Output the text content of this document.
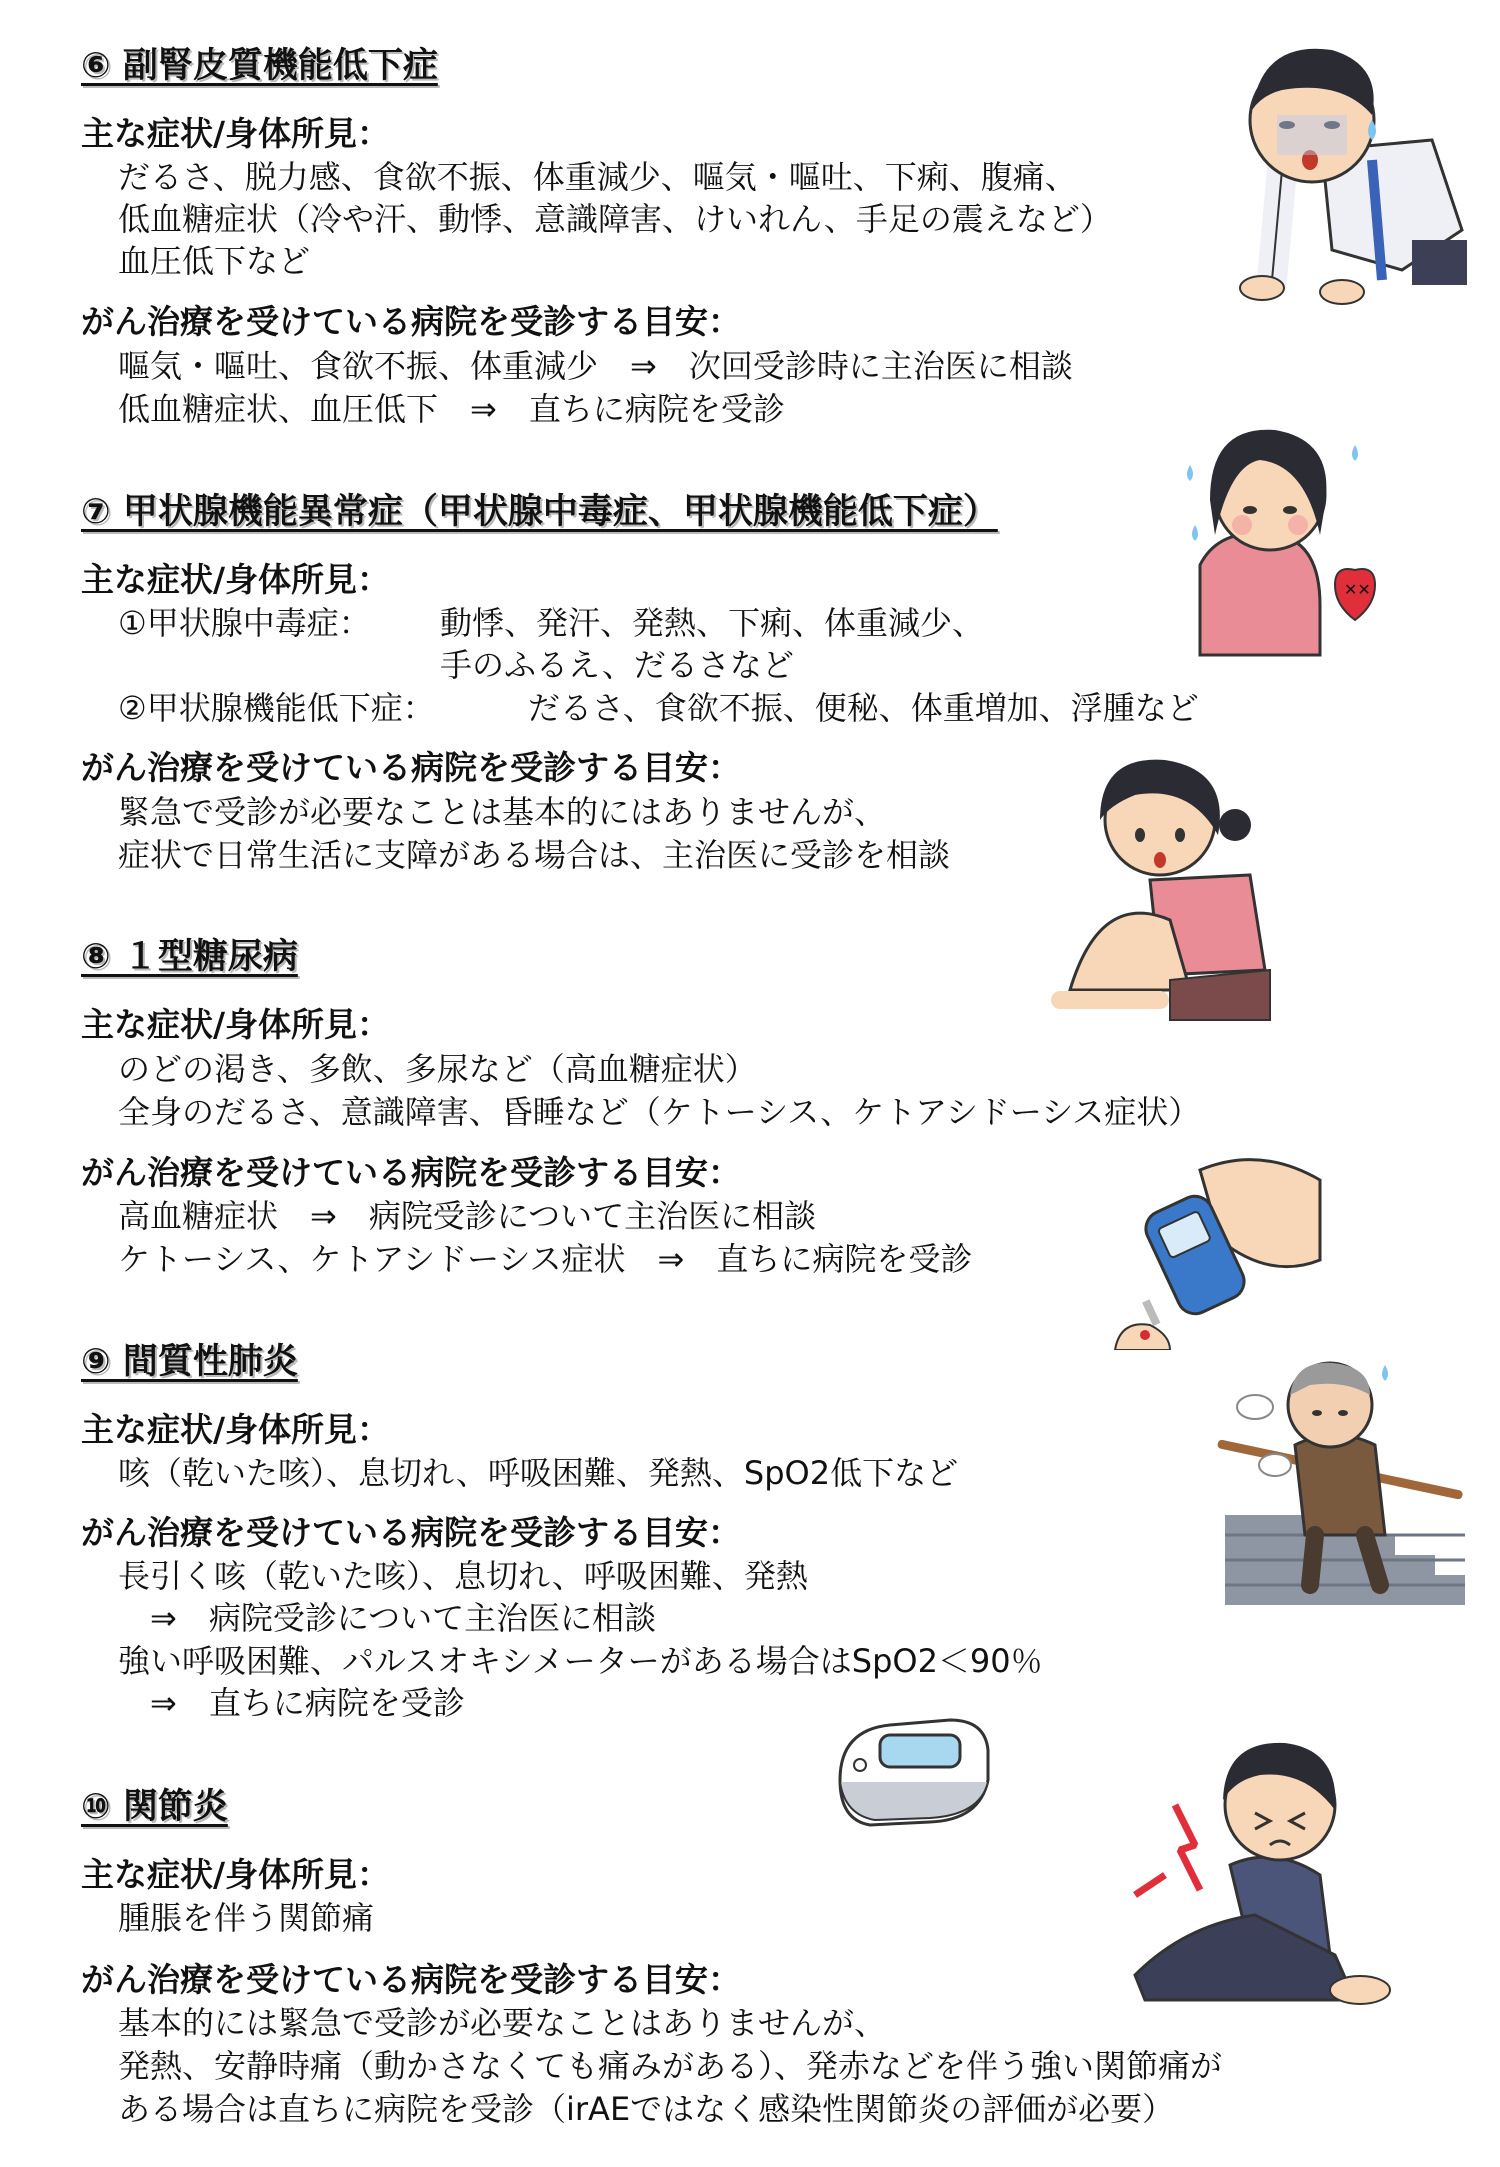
⑥ 副腎皮質機能低下症
主な症状/身体所見：
だるさ、脱力感、食欲不振、体重減少、嘔気・嘔吐、下痢、腹痛、
低血糖症状（冷や汗、動悸、意識障害、けいれん、手足の震えなど）
血圧低下など
がん治療を受けている病院を受診する目安：
嘔気・嘔吐、食欲不振、体重減少　⇒　次回受診時に主治医に相談
低血糖症状、血圧低下　⇒　直ちに病院を受診
⑦ 甲状腺機能異常症（甲状腺中毒症、甲状腺機能低下症）
主な症状/身体所見：
①甲状腺中毒症： 動悸、発汗、発熱、下痢、体重減少、
手のふるえ、だるさなど
②甲状腺機能低下症：	だるさ、食欲不振、便秘、体重増加、浮腫など
がん治療を受けている病院を受診する目安：
緊急で受診が必要なことは基本的にはありませんが、
症状で日常生活に支障がある場合は、主治医に受診を相談
✕✕
⑧ １型糖尿病
主な症状/身体所見：
のどの渇き、多飲、多尿など（高血糖症状）
全身のだるさ、意識障害、昏睡など（ケトーシス、ケトアシドーシス症状）
がん治療を受けている病院を受診する目安：
高血糖症状　⇒　病院受診について主治医に相談
ケトーシス、ケトアシドーシス症状　⇒　直ちに病院を受診
⑨ 間質性肺炎
主な症状/身体所見：
咳（乾いた咳）、息切れ、呼吸困難、発熱、SpO2低下など
がん治療を受けている病院を受診する目安：
長引く咳（乾いた咳）、息切れ、呼吸困難、発熱
⇒　病院受診について主治医に相談
強い呼吸困難、パルスオキシメーターがある場合はSpO2＜90％
⇒　直ちに病院を受診
⑩ 関節炎
主な症状/身体所見：
腫脹を伴う関節痛
がん治療を受けている病院を受診する目安：
基本的には緊急で受診が必要なことはありませんが、
発熱、安静時痛（動かさなくても痛みがある）、発赤などを伴う強い関節痛が
ある場合は直ちに病院を受診（irAEではなく感染性関節炎の評価が必要）
